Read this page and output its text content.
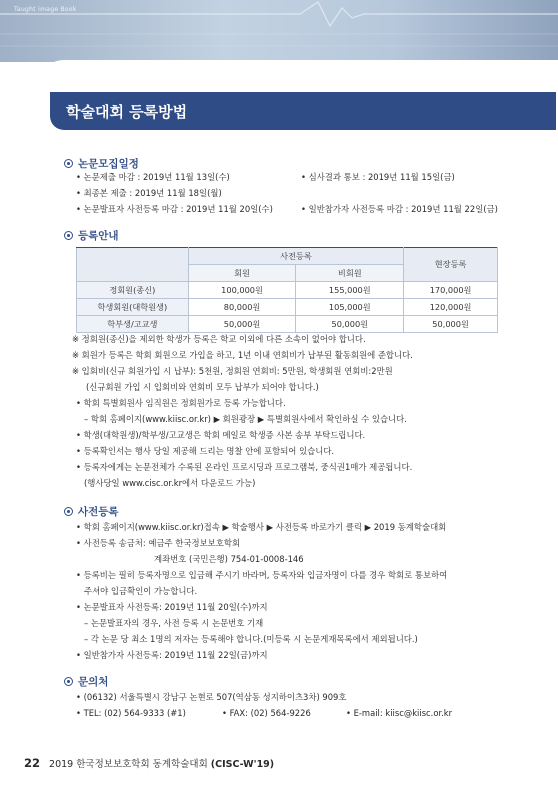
Taught image Book
학술대회 등록방법
논문모집일정
• 논문제출 마감 : 2019년 11월 13일(수)	• 심사결과 통보 : 2019년 11월 15일(금)
• 최종본 제출 : 2019년 11월 18일(월)
• 논문발표자 사전등록 마감 : 2019년 11월 20일(수)	• 일반참가자 사전등록 마감 : 2019년 11월 22일(금)
등록안내
	사전등록		현장등록
	회원	비회원	
정회원(종신)	100,000원	155,000원	170,000원
학생회원(대학원생)	80,000원	105,000원	120,000원
학부생/고교생	50,000원	50,000원	50,000원
※ 정회원(종신)을 제외한 학생가 등록은 학교 이외에 다른 소속이 없어야 합니다.
※ 회원가 등록은 학회 회원으로 가입을 하고, 1년 이내 연회비가 납부된 활동회원에 준합니다.
※ 입회비(신규 회원가입 시 납부): 5천원, 정회원 연회비: 5만원, 학생회원 연회비:2만원
(신규회원 가입 시 입회비와 연회비 모두 납부가 되어야 합니다.)
• 학회 특별회원사 임직원은 정회원가로 등록 가능합니다.
– 학회 홈페이지(www.kiisc.or.kr) ▶ 회원광장 ▶ 특별회원사에서 확인하실 수 있습니다.
• 학생(대학원생)/학부생/고교생은 학회 메일로 학생증 사본 송부 부탁드립니다.
• 등록확인서는 행사 당일 제공해 드리는 명찰 안에 포함되어 있습니다.
• 등록자에게는 논문전체가 수록된 온라인 프로시딩과 프로그램북, 중식권1매가 제공됩니다.
(행사당일 www.cisc.or.kr에서 다운로드 가능)
사전등록
• 학회 홈페이지(www.kiisc.or.kr)접속 ▶ 학술행사 ▶ 사전등록 바로가기 클릭 ▶ 2019 동계학술대회
• 사전등록 송금처: 예금주 한국정보보호학회
계좌번호 (국민은행) 754-01-0008-146
• 등록비는 필히 등록자명으로 입금해 주시기 바라며, 등록자와 입금자명이 다를 경우 학회로 통보하여
주셔야 입금확인이 가능합니다.
• 논문발표자 사전등록: 2019년 11월 20일(수)까지
– 논문발표자의 경우, 사전 등록 시 논문번호 기재
– 각 논문 당 최소 1명의 저자는 등록해야 합니다.(미등록 시 논문게재목록에서 제외됩니다.)
• 일반참가자 사전등록: 2019년 11월 22일(금)까지
문의처
• (06132) 서울특별시 강남구 논현로 507(역삼동 성지하이츠3차) 909호
• TEL: (02) 564-9333 (#1)	• FAX: (02) 564-9226	• E-mail: kiisc@kiisc.or.kr
22 2019 한국정보보호학회 동계학술대회 (CISC-W'19)
